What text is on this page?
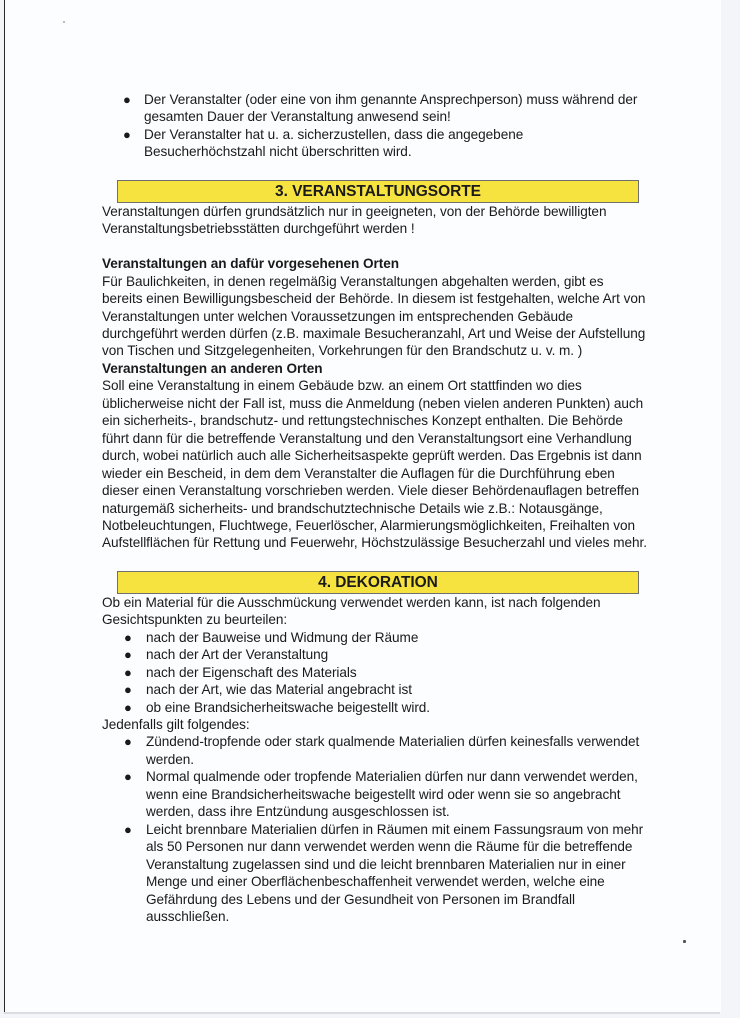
● Der Veranstalter (oder eine von ihm genannte Ansprechperson) muss während der gesamten Dauer der Veranstaltung anwesend sein!
● Der Veranstalter hat u. a. sicherzustellen, dass die angegebene Besucherhöchstzahl nicht überschritten wird.
3. VERANSTALTUNGSORTE

Veranstaltungen dürfen grundsätzlich nur in geeigneten, von der Behörde bewilligten Veranstaltungsbetriebsstätten durchgeführt werden !

Veranstaltungen an dafür vorgesehenen Orten

Für Baulichkeiten, in denen regelmäßig Veranstaltungen abgehalten werden, gibt es bereits einen Bewilligungsbescheid der Behörde. In diesem ist festgehalten, welche Art von Veranstaltungen unter welchen Voraussetzungen im entsprechenden Gebäude durchgeführt werden dürfen (z.B. maximale Besucheranzahl, Art und Weise der Aufstellung von Tischen und Sitzgelegenheiten, Vorkehrungen für den Brandschutz u. v. m. )

Veranstaltungen an anderen Orten

Soll eine Veranstaltung in einem Gebäude bzw. an einem Ort stattfinden wo dies üblicherweise nicht der Fall ist, muss die Anmeldung (neben vielen anderen Punkten) auch ein sicherheits-, brandschutz- und rettungstechnisches Konzept enthalten. Die Behörde führt dann für die betreffende Veranstaltung und den Veranstaltungsort eine Verhandlung durch, wobei natürlich auch alle Sicherheitsaspekte geprüft werden. Das Ergebnis ist dann wieder ein Bescheid, in dem dem Veranstalter die Auflagen für die Durchführung eben dieser einen Veranstaltung vorschrieben werden. Viele dieser Behördenauflagen betreffen naturgemäß sicherheits- und brandschutztechnische Details wie z.B.: Notausgänge, Notbeleuchtungen, Fluchtwege, Feuerlöscher, Alarmierungsmöglichkeiten, Freihalten von Aufstellflächen für Rettung und Feuerwehr, Höchstzulässige Besucherzahl und vieles mehr.

4. DEKORATION

Ob ein Material für die Ausschmückung verwendet werden kann, ist nach folgenden Gesichtspunkten zu beurteilen:

● nach der Bauweise und Widmung der Räume
● nach der Art der Veranstaltung
● nach der Eigenschaft des Materials
● nach der Art, wie das Material angebracht ist
● ob eine Brandsicherheitswache beigestellt wird.

Jedenfalls gilt folgendes:

● Zündend-tropfende oder stark qualmende Materialien dürfen keinesfalls verwendet werden.
● Normal qualmende oder tropfende Materialien dürfen nur dann verwendet werden, wenn eine Brandsicherheitswache beigestellt wird oder wenn sie so angebracht werden, dass ihre Entzündung ausgeschlossen ist.
● Leicht brennbare Materialien dürfen in Räumen mit einem Fassungsraum von mehr als 50 Personen nur dann verwendet werden wenn die Räume für die betreffende Veranstaltung zugelassen sind und die leicht brennbaren Materialien nur in einer Menge und einer Oberflächenbeschaffenheit verwendet werden, welche eine Gefährdung des Lebens und der Gesundheit von Personen im Brandfall ausschließen.
